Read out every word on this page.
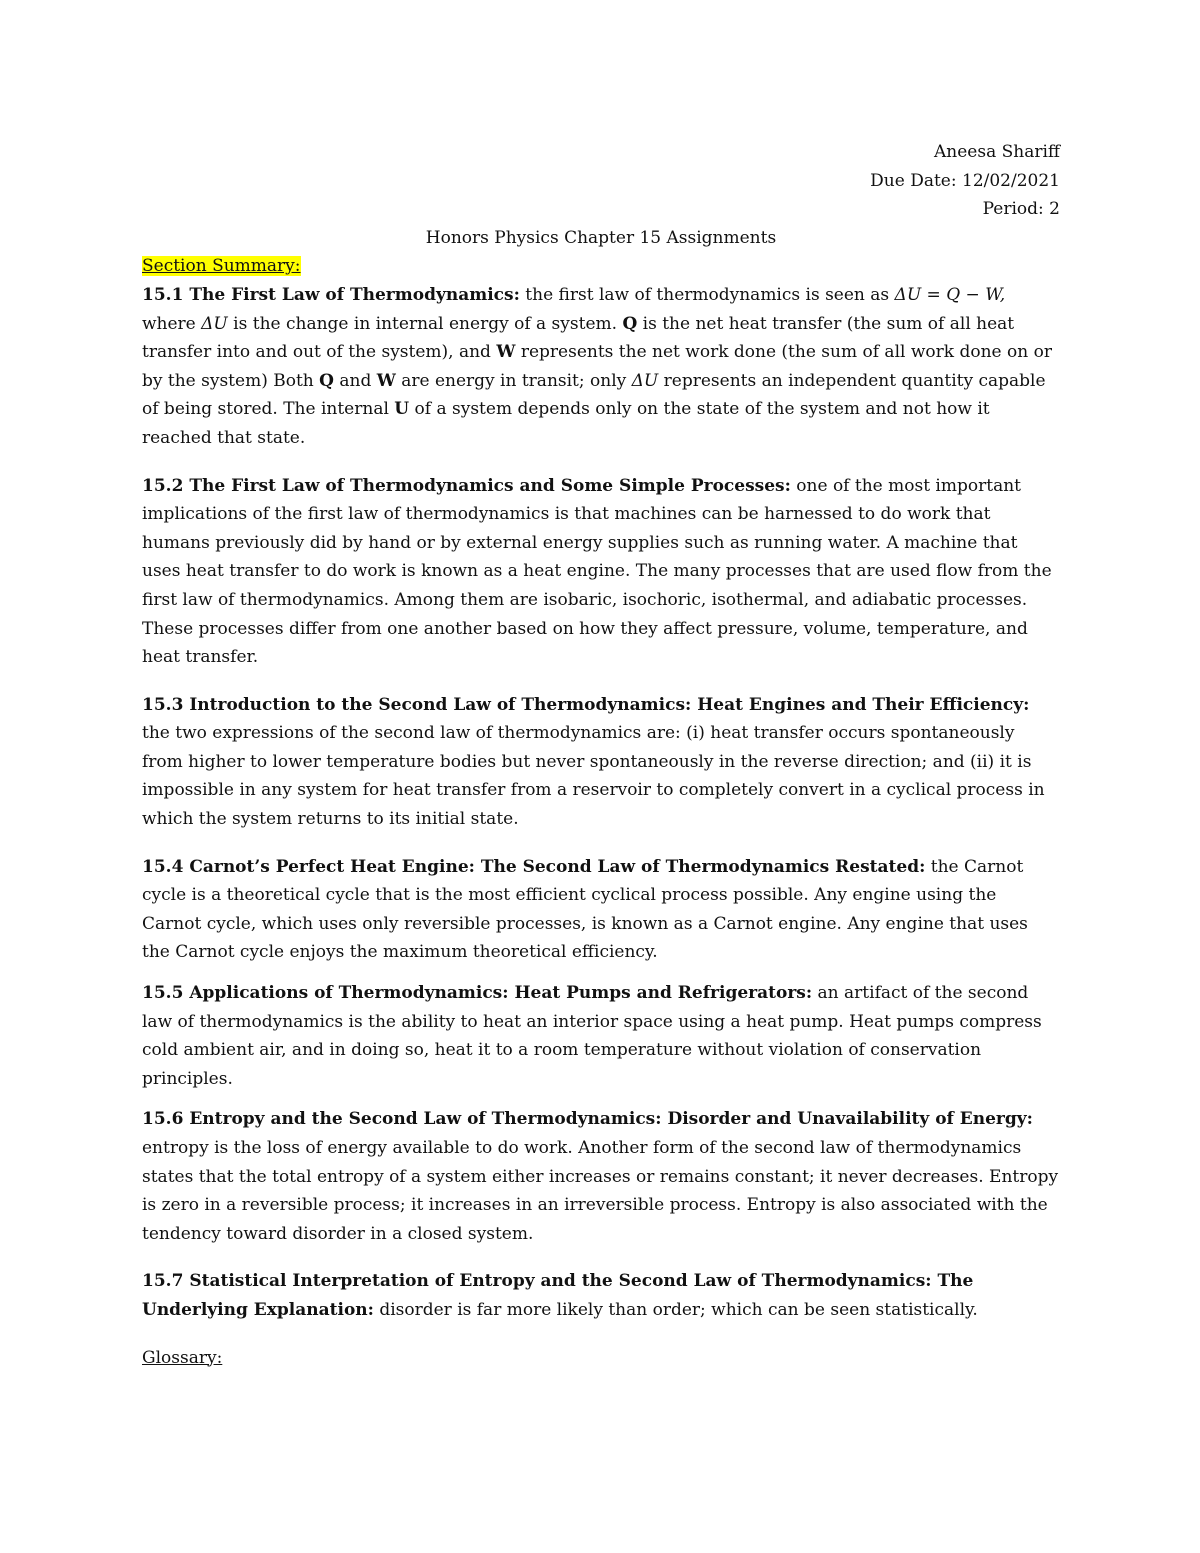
Aneesa Shariff

Due Date: 12/02/2021

Period: 2

Honors Physics Chapter 15 Assignments

Section Summary:

15.1 The First Law of Thermodynamics: the first law of thermodynamics is seen as ΔU = Q − W, where ΔU is the change in internal energy of a system. Q is the net heat transfer (the sum of all heat transfer into and out of the system), and W represents the net work done (the sum of all work done on or by the system) Both Q and W are energy in transit; only ΔU represents an independent quantity capable of being stored. The internal U of a system depends only on the state of the system and not how it reached that state.

15.2 The First Law of Thermodynamics and Some Simple Processes: one of the most important implications of the first law of thermodynamics is that machines can be harnessed to do work that humans previously did by hand or by external energy supplies such as running water. A machine that uses heat transfer to do work is known as a heat engine. The many processes that are used flow from the first law of thermodynamics. Among them are isobaric, isochoric, isothermal, and adiabatic processes. These processes differ from one another based on how they affect pressure, volume, temperature, and heat transfer.

15.3 Introduction to the Second Law of Thermodynamics: Heat Engines and Their Efficiency: the two expressions of the second law of thermodynamics are: (i) heat transfer occurs spontaneously from higher to lower temperature bodies but never spontaneously in the reverse direction; and (ii) it is impossible in any system for heat transfer from a reservoir to completely convert in a cyclical process in which the system returns to its initial state.

15.4 Carnot’s Perfect Heat Engine: The Second Law of Thermodynamics Restated: the Carnot cycle is a theoretical cycle that is the most efficient cyclical process possible. Any engine using the Carnot cycle, which uses only reversible processes, is known as a Carnot engine. Any engine that uses the Carnot cycle enjoys the maximum theoretical efficiency.

15.5 Applications of Thermodynamics: Heat Pumps and Refrigerators: an artifact of the second law of thermodynamics is the ability to heat an interior space using a heat pump. Heat pumps compress cold ambient air, and in doing so, heat it to a room temperature without violation of conservation principles.

15.6 Entropy and the Second Law of Thermodynamics: Disorder and Unavailability of Energy: entropy is the loss of energy available to do work. Another form of the second law of thermodynamics states that the total entropy of a system either increases or remains constant; it never decreases. Entropy is zero in a reversible process; it increases in an irreversible process. Entropy is also associated with the tendency toward disorder in a closed system.

15.7 Statistical Interpretation of Entropy and the Second Law of Thermodynamics: The Underlying Explanation: disorder is far more likely than order; which can be seen statistically.

Glossary:
